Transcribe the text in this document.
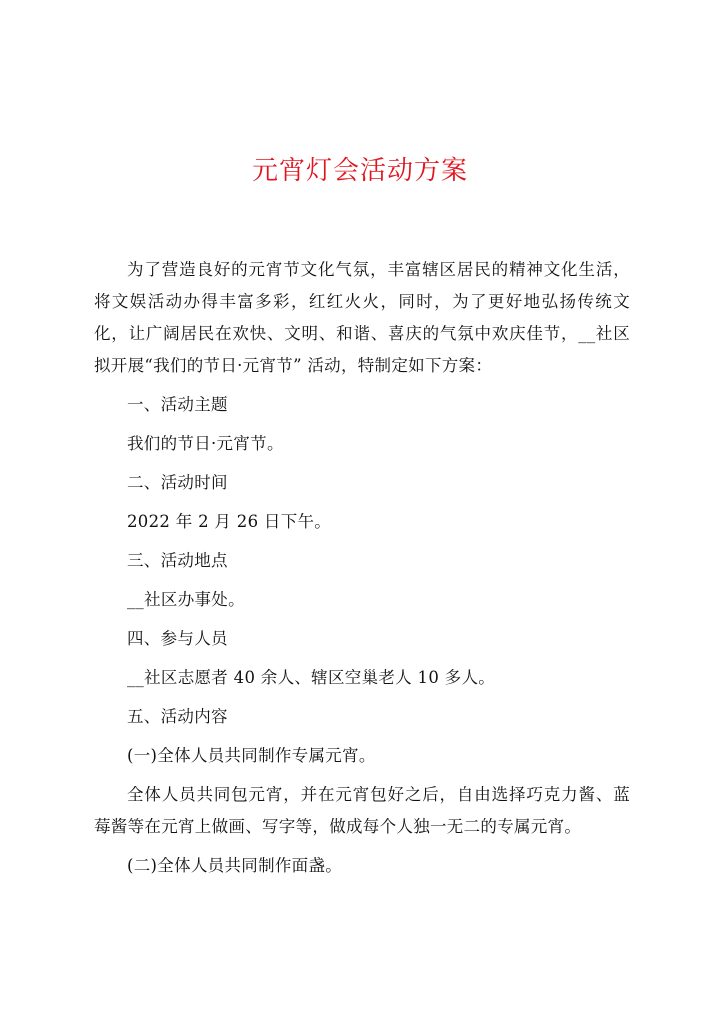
元宵灯会活动方案

为了营造良好的元宵节文化气氛，丰富辖区居民的精神文化生活，将文娱活动办得丰富多彩，红红火火，同时，为了更好地弘扬传统文化，让广阔居民在欢快、文明、和谐、喜庆的气氛中欢庆佳节，__社区拟开展“我们的节日·元宵节” 活动，特制定如下方案：

一、活动主题

我们的节日·元宵节。

二、活动时间

2022 年 2 月 26 日下午。

三、活动地点

__社区办事处。

四、参与人员

__社区志愿者 40 余人、辖区空巢老人 10 多人。

五、活动内容

(一)全体人员共同制作专属元宵。

全体人员共同包元宵，并在元宵包好之后，自由选择巧克力酱、蓝莓酱等在元宵上做画、写字等，做成每个人独一无二的专属元宵。

(二)全体人员共同制作面盏。
